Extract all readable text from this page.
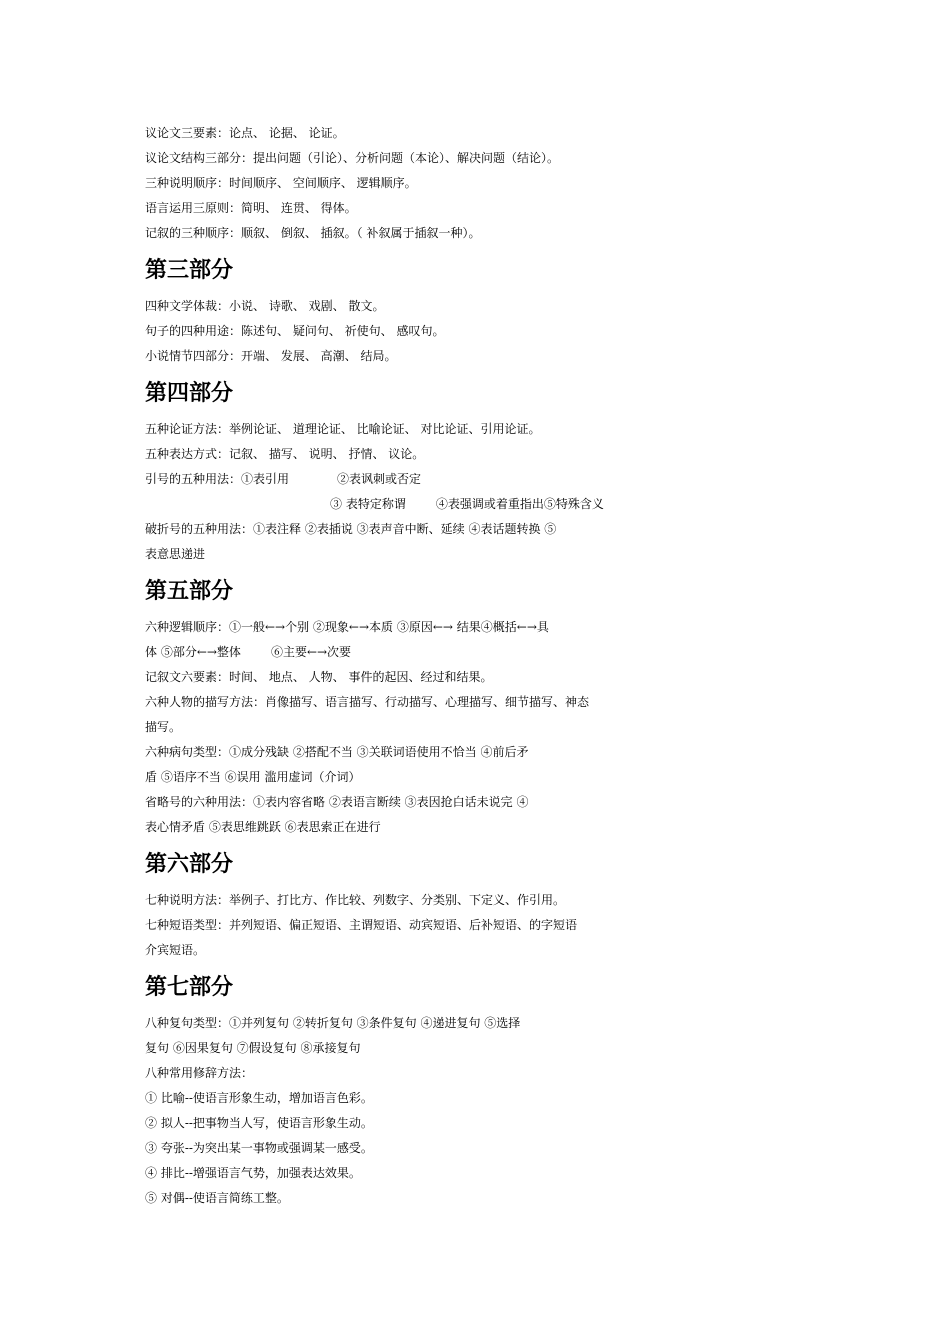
议论文三要素：论点、 论据、 论证。

议论文结构三部分：提出问题（引论）、分析问题（本论）、解决问题（结论）。

三种说明顺序：时间顺序、 空间顺序、 逻辑顺序。

语言运用三原则：简明、 连贯、 得体。

记叙的三种顺序：顺叙、 倒叙、 插叙。（ 补叙属于插叙一种）。

第三部分

四种文学体裁：小说、 诗歌、 戏剧、 散文。

句子的四种用途：陈述句、 疑问句、 祈使句、 感叹句。

小说情节四部分：开端、 发展、 高潮、 结局。

第四部分

五种论证方法：举例论证、 道理论证、 比喻论证、 对比论证、引用论证。

五种表达方式：记叙、 描写、 说明、 抒情、 议论。

引号的五种用法：①表引用	②表讽刺或否定

③ 表特定称谓	④表强调或着重指出⑤特殊含义

破折号的五种用法：①表注释 ②表插说 ③表声音中断、延续 ④表话题转换 ⑤

表意思递进

第五部分

六种逻辑顺序：①一般←→个别 ②现象←→本质 ③原因←→ 结果④概括←→具

体 ⑤部分←→整体	⑥主要←→次要

记叙文六要素：时间、 地点、 人物、 事件的起因、经过和结果。

六种人物的描写方法：肖像描写、语言描写、行动描写、心理描写、细节描写、神态

描写。

六种病句类型：①成分残缺 ②搭配不当 ③关联词语使用不恰当 ④前后矛

盾 ⑤语序不当 ⑥误用 滥用虚词（介词）

省略号的六种用法：①表内容省略 ②表语言断续 ③表因抢白话未说完 ④

表心情矛盾 ⑤表思维跳跃 ⑥表思索正在进行

第六部分

七种说明方法：举例子、打比方、作比较、列数字、分类别、下定义、作引用。

七种短语类型：并列短语、偏正短语、主谓短语、动宾短语、后补短语、的字短语

介宾短语。

第七部分

八种复句类型：①并列复句 ②转折复句 ③条件复句 ④递进复句 ⑤选择

复句 ⑥因果复句 ⑦假设复句 ⑧承接复句

八种常用修辞方法：

① 比喻--使语言形象生动，增加语言色彩。

② 拟人--把事物当人写，使语言形象生动。

③ 夸张--为突出某一事物或强调某一感受。

④ 排比--增强语言气势，加强表达效果。

⑤ 对偶--使语言简练工整。
